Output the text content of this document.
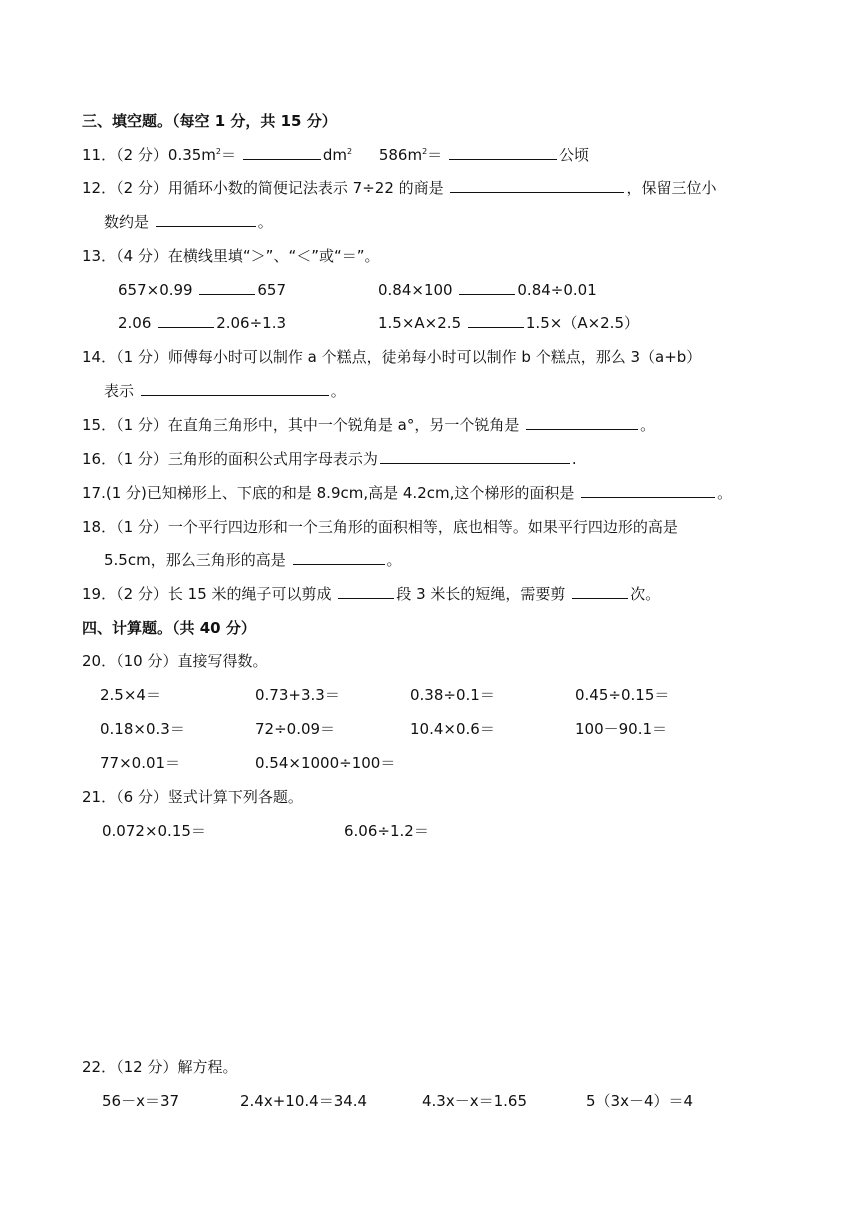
三、填空题。（每空 1 分，共 15 分）
11．（2 分）$0.35m^2=$	$dm^2$ $586m^2=$	公顷
12．（2 分）用循环小数的简便记法表示 7÷22 的商是	，保留三位小
数约是	。
13．（4 分）在横线里填“＞”、“＜”或“＝”。
657×0.99	657	0.84×100	0.84÷0.01
2.06	2.06÷1.3	1.5×A×2.5	1.5×（A×2.5）
14．（1 分）师傅每小时可以制作 a 个糕点，徒弟每小时可以制作 b 个糕点，那么 3（a+b）
表示	。
15．（1 分）在直角三角形中，其中一个锐角是 a°，另一个锐角是	。
16．（1 分）三角形的面积公式用字母表示为	.
17.(1 分)已知梯形上、下底的和是 8.9cm,高是 4.2cm,这个梯形的面积是	。
18．（1 分）一个平行四边形和一个三角形的面积相等，底也相等。如果平行四边形的高是
5.5cm，那么三角形的高是	。
19．（2 分）长 15 米的绳子可以剪成	段 3 米长的短绳，需要剪	次。
四、计算题。（共 40 分）
20．（10 分）直接写得数。
2.5×4＝	0.73+3.3＝	0.38÷0.1＝	0.45÷0.15＝
0.18×0.3＝	72÷0.09＝	10.4×0.6＝	100－90.1＝
77×0.01＝	0.54×1000÷100＝
21．（6 分）竖式计算下列各题。
0.072×0.15＝	6.06÷1.2＝
22．（12 分）解方程。
56－x＝37	2.4x+10.4＝34.4	4.3x－x＝1.65	5（3x－4）＝4
